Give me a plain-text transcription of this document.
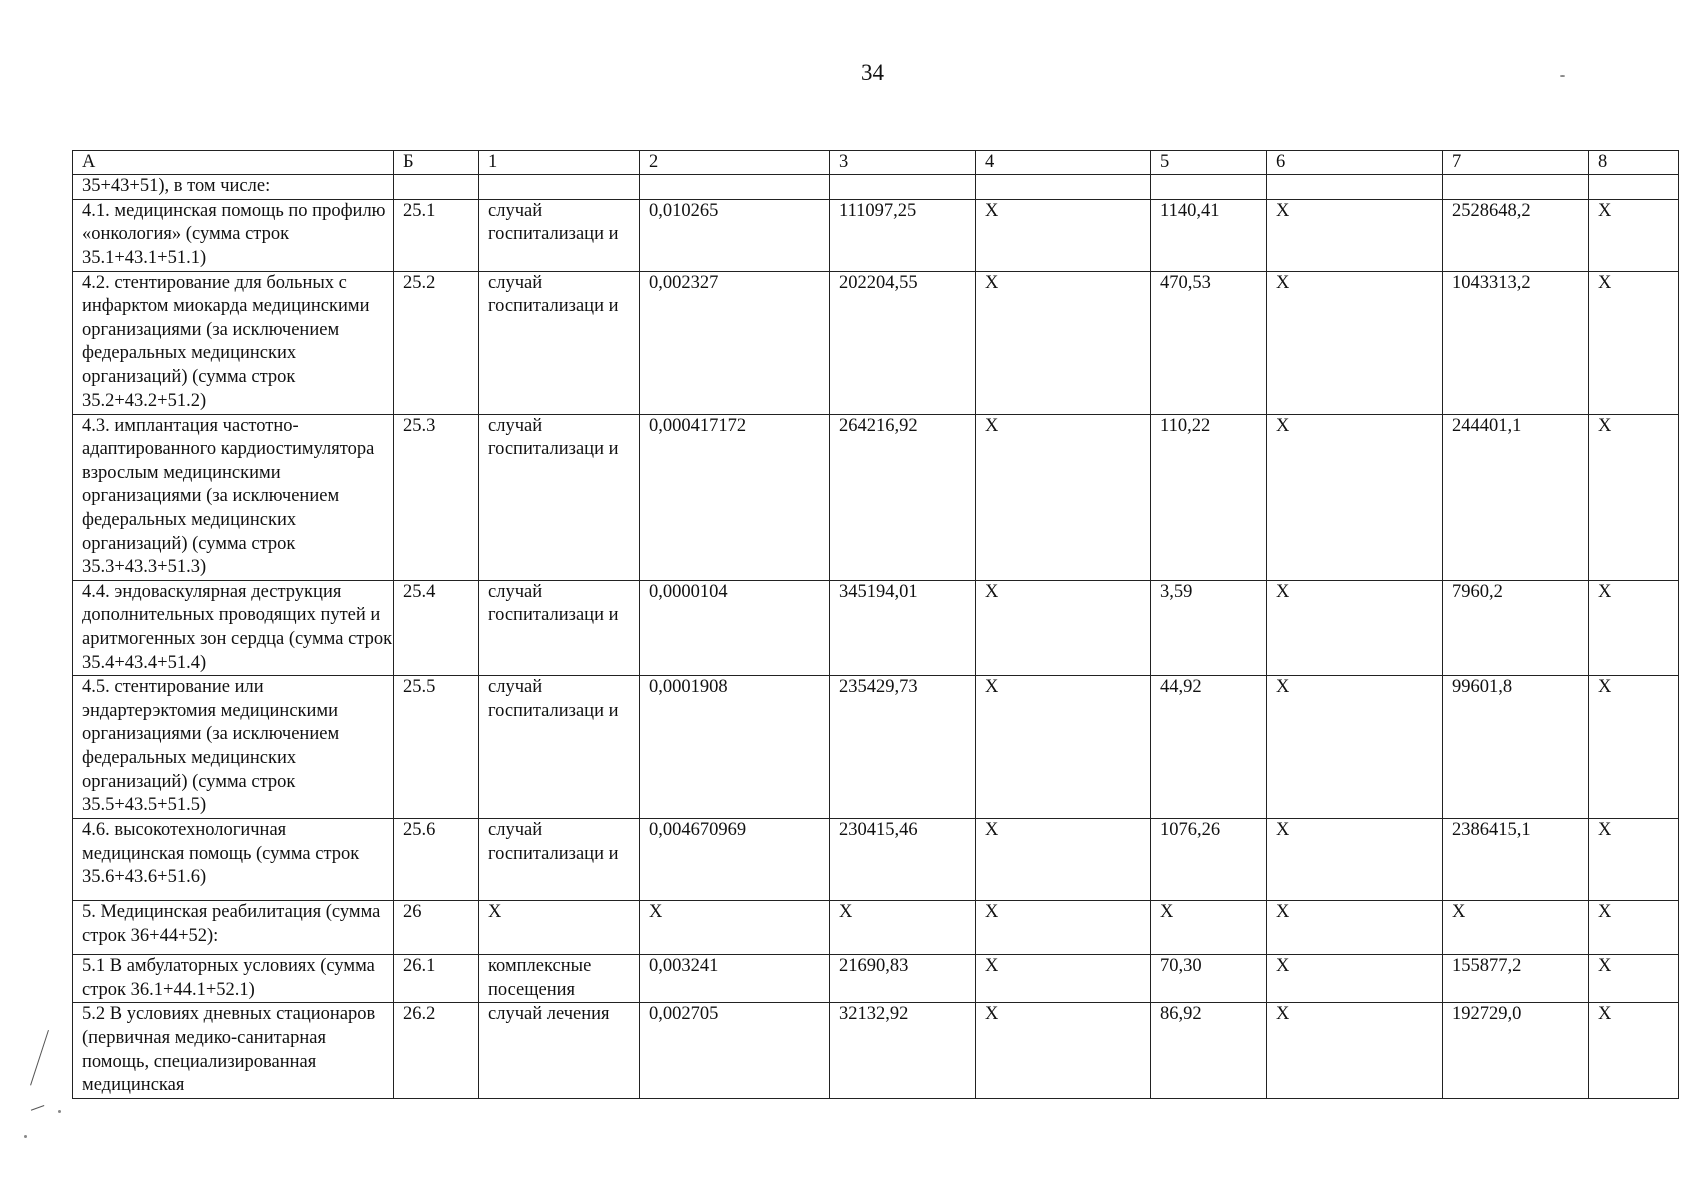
34
А	Б	1	2	3	4	5	6	7	8
35+43+51), в том числе:									
4.1. медицинская помощь по профилю «онкология» (сумма строк 35.1+43.1+51.1)	25.1	случай госпитализаци и	0,010265	111097,25	Х	1140,41	Х	2528648,2	Х
4.2. стентирование для больных с инфарктом миокарда медицинскими организациями (за исключением федеральных медицинских организаций) (сумма строк 35.2+43.2+51.2)	25.2	случай госпитализаци и	0,002327	202204,55	Х	470,53	Х	1043313,2	Х
4.3. имплантация частотно-адаптированного кардиостимулятора взрослым медицинскими организациями (за исключением федеральных медицинских организаций) (сумма строк 35.3+43.3+51.3)	25.3	случай госпитализаци и	0,000417172	264216,92	Х	110,22	Х	244401,1	Х
4.4. эндоваскулярная деструкция дополнительных проводящих путей и аритмогенных зон сердца (сумма строк 35.4+43.4+51.4)	25.4	случай госпитализаци и	0,0000104	345194,01	Х	3,59	Х	7960,2	Х
4.5. стентирование или эндартерэктомия медицинскими организациями (за исключением федеральных медицинских организаций) (сумма строк 35.5+43.5+51.5)	25.5	случай госпитализаци и	0,0001908	235429,73	Х	44,92	Х	99601,8	Х
4.6. высокотехнологичная медицинская помощь (сумма строк 35.6+43.6+51.6)	25.6	случай госпитализаци и	0,004670969	230415,46	Х	1076,26	Х	2386415,1	Х
5. Медицинская реабилитация (сумма строк 36+44+52):	26	Х	Х	Х	Х	Х	Х	Х	Х
5.1 В амбулаторных условиях (сумма строк 36.1+44.1+52.1)	26.1	комплексные посещения	0,003241	21690,83	Х	70,30	Х	155877,2	Х
5.2 В условиях дневных стационаров (первичная медико-санитарная помощь, специализированная медицинская	26.2	случай лечения	0,002705	32132,92	Х	86,92	Х	192729,0	Х
